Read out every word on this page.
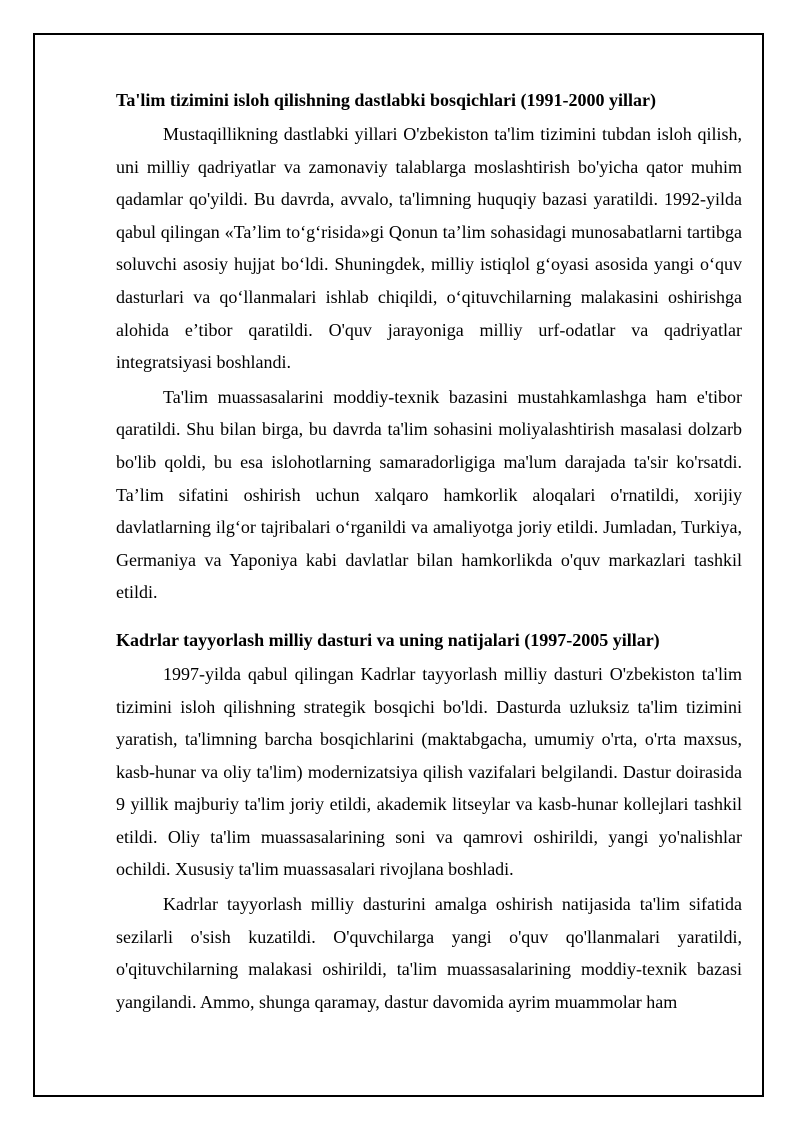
Ta'lim tizimini isloh qilishning dastlabki bosqichlari (1991-2000 yillar)

Mustaqillikning dastlabki yillari O'zbekiston ta'lim tizimini tubdan isloh qilish, uni milliy qadriyatlar va zamonaviy talablarga moslashtirish bo'yicha qator muhim qadamlar qo'yildi. Bu davrda, avvalo, ta'limning huquqiy bazasi yaratildi. 1992-yilda qabul qilingan «Ta’lim to‘g‘risida»gi Qonun ta’lim sohasidagi munosabatlarni tartibga soluvchi asosiy hujjat bo‘ldi. Shuningdek, milliy istiqlol g‘oyasi asosida yangi o‘quv dasturlari va qo‘llanmalari ishlab chiqildi, o‘qituvchilarning malakasini oshirishga alohida e’tibor qaratildi. O'quv jarayoniga milliy urf-odatlar va qadriyatlar integratsiyasi boshlandi.

Ta'lim muassasalarini moddiy-texnik bazasini mustahkamlashga ham e'tibor qaratildi. Shu bilan birga, bu davrda ta'lim sohasini moliyalashtirish masalasi dolzarb bo'lib qoldi, bu esa islohotlarning samaradorligiga ma'lum darajada ta'sir ko'rsatdi. Ta’lim sifatini oshirish uchun xalqaro hamkorlik aloqalari o'rnatildi, xorijiy davlatlarning ilg‘or tajribalari o‘rganildi va amaliyotga joriy etildi. Jumladan, Turkiya, Germaniya va Yaponiya kabi davlatlar bilan hamkorlikda o'quv markazlari tashkil etildi.

Kadrlar tayyorlash milliy dasturi va uning natijalari (1997-2005 yillar)

1997-yilda qabul qilingan Kadrlar tayyorlash milliy dasturi O'zbekiston ta'lim tizimini isloh qilishning strategik bosqichi bo'ldi. Dasturda uzluksiz ta'lim tizimini yaratish, ta'limning barcha bosqichlarini (maktabgacha, umumiy o'rta, o'rta maxsus, kasb-hunar va oliy ta'lim) modernizatsiya qilish vazifalari belgilandi. Dastur doirasida 9 yillik majburiy ta'lim joriy etildi, akademik litseylar va kasb-hunar kollejlari tashkil etildi. Oliy ta'lim muassasalarining soni va qamrovi oshirildi, yangi yo'nalishlar ochildi. Xususiy ta'lim muassasalari rivojlana boshladi.

Kadrlar tayyorlash milliy dasturini amalga oshirish natijasida ta'lim sifatida sezilarli o'sish kuzatildi. O'quvchilarga yangi o'quv qo'llanmalari yaratildi, o'qituvchilarning malakasi oshirildi, ta'lim muassasalarining moddiy-texnik bazasi yangilandi. Ammo, shunga qaramay, dastur davomida ayrim muammolar ham
